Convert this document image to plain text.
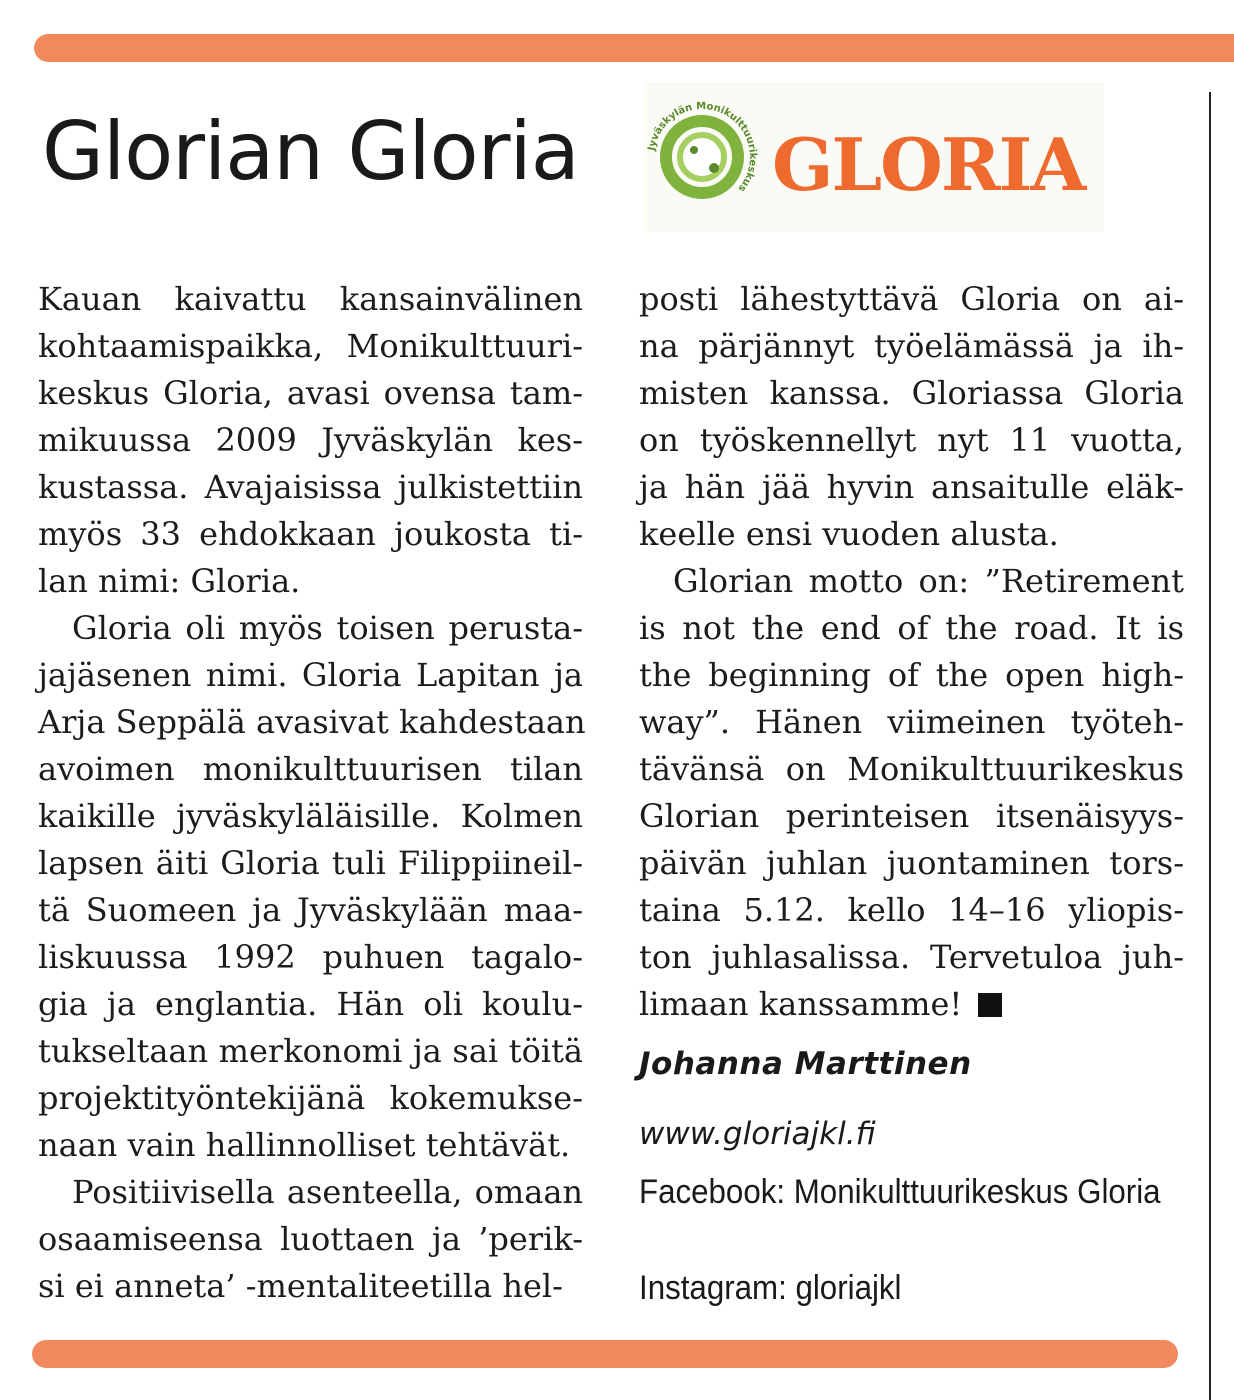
Glorian Gloria	Jyväskylän Monikulttuurikeskus GLORIA

Kauan kaivattu kansainvälinen
kohtaamispaikka, Monikulttuuri-
keskus Gloria, avasi ovensa tam-
mikuussa 2009 Jyväskylän kes-
kustassa. Avajaisissa julkistettiin
myös 33 ehdokkaan joukosta ti-
lan nimi: Gloria.

Gloria oli myös toisen perusta-
jajäsenen nimi. Gloria Lapitan ja
Arja Seppälä avasivat kahdestaan
avoimen monikulttuurisen tilan
kaikille jyväskyläläisille. Kolmen
lapsen äiti Gloria tuli Filippiineil-
tä Suomeen ja Jyväskylään maa-
liskuussa 1992 puhuen tagalo-
gia ja englantia. Hän oli koulu-
tukseltaan merkonomi ja sai töitä
projektityöntekijänä kokemukse-
naan vain hallinnolliset tehtävät.

Positiivisella asenteella, omaan
osaamiseensa luottaen ja ’perik-
si ei anneta’ -mentaliteetilla hel-

posti lähestyttävä Gloria on ai-
na pärjännyt työelämässä ja ih-
misten kanssa. Gloriassa Gloria
on työskennellyt nyt 11 vuotta,
ja hän jää hyvin ansaitulle eläk-
keelle ensi vuoden alusta.

Glorian motto on: ”Retirement
is not the end of the road. It is
the beginning of the open high-
way”. Hänen viimeinen työteh-
tävänsä on Monikulttuurikeskus
Glorian perinteisen itsenäisyys-
päivän juhlan juontaminen tors-
taina 5.12. kello 14–16 yliopis-
ton juhlasalissa. Tervetuloa juh-
limaan kanssamme!

Johanna Marttinen
www.gloriajkl.fi
Facebook: Monikulttuurikeskus Gloria
Instagram: gloriajkl
